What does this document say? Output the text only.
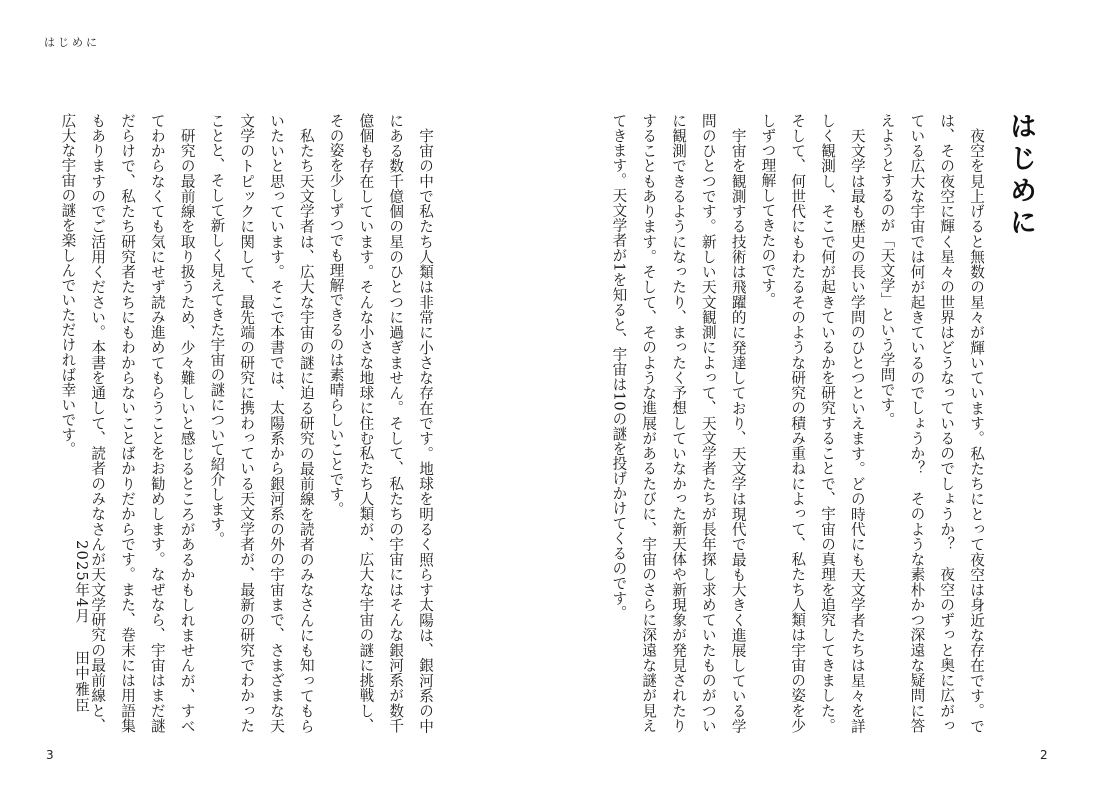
はじめに
はじめに

夜空を見上げると無数の星々が輝いています。私たちにとって夜空は身近な存在です。では、その夜空に輝く星々の世界はどうなっているのでしょうか？　夜空のずっと奥に広がっている広大な宇宙では何が起きているのでしょうか？　そのような素朴かつ深遠な疑問に答えようとするのが「天文学」という学問です。

天文学は最も歴史の長い学問のひとつといえます。どの時代にも天文学者たちは星々を詳しく観測し、そこで何が起きているかを研究することで、宇宙の真理を追究してきました。そして、何世代にもわたるそのような研究の積み重ねによって、私たち人類は宇宙の姿を少しずつ理解してきたのです。

宇宙を観測する技術は飛躍的に発達しており、天文学は現代で最も大きく進展している学問のひとつです。新しい天文観測によって、天文学者たちが長年探し求めていたものがついに観測できるようになったり、まったく予想していなかった新天体や新現象が発見されたりすることもあります。そして、そのような進展があるたびに、宇宙のさらに深遠な謎が見えてきます。天文学者が1を知ると、宇宙は10の謎を投げかけてくるのです。

宇宙の中で私たち人類は非常に小さな存在です。地球を明るく照らす太陽は、銀河系の中にある数千億個の星のひとつに過ぎません。そして、私たちの宇宙にはそんな銀河系が数千億個も存在しています。そんな小さな地球に住む私たち人類が、広大な宇宙の謎に挑戦し、その姿を少しずつでも理解できるのは素晴らしいことです。

私たち天文学者は、広大な宇宙の謎に迫る研究の最前線を読者のみなさんにも知ってもらいたいと思っています。そこで本書では、太陽系から銀河系の外の宇宙まで、さまざまな天文学のトピックに関して、最先端の研究に携わっている天文学者が、最新の研究でわかったことと、そして新しく見えてきた宇宙の謎について紹介します。

研究の最前線を取り扱うため、少々難しいと感じるところがあるかもしれませんが、すべてわからなくても気にせず読み進めてもらうことをお勧めします。なぜなら、宇宙はまだ謎だらけで、私たち研究者たちにもわからないことばかりだからです。また、巻末には用語集もありますのでご活用ください。本書を通して、読者のみなさんが天文学研究の最前線と、広大な宇宙の謎を楽しんでいただければ幸いです。

2025年4月田中雅臣
3	2
